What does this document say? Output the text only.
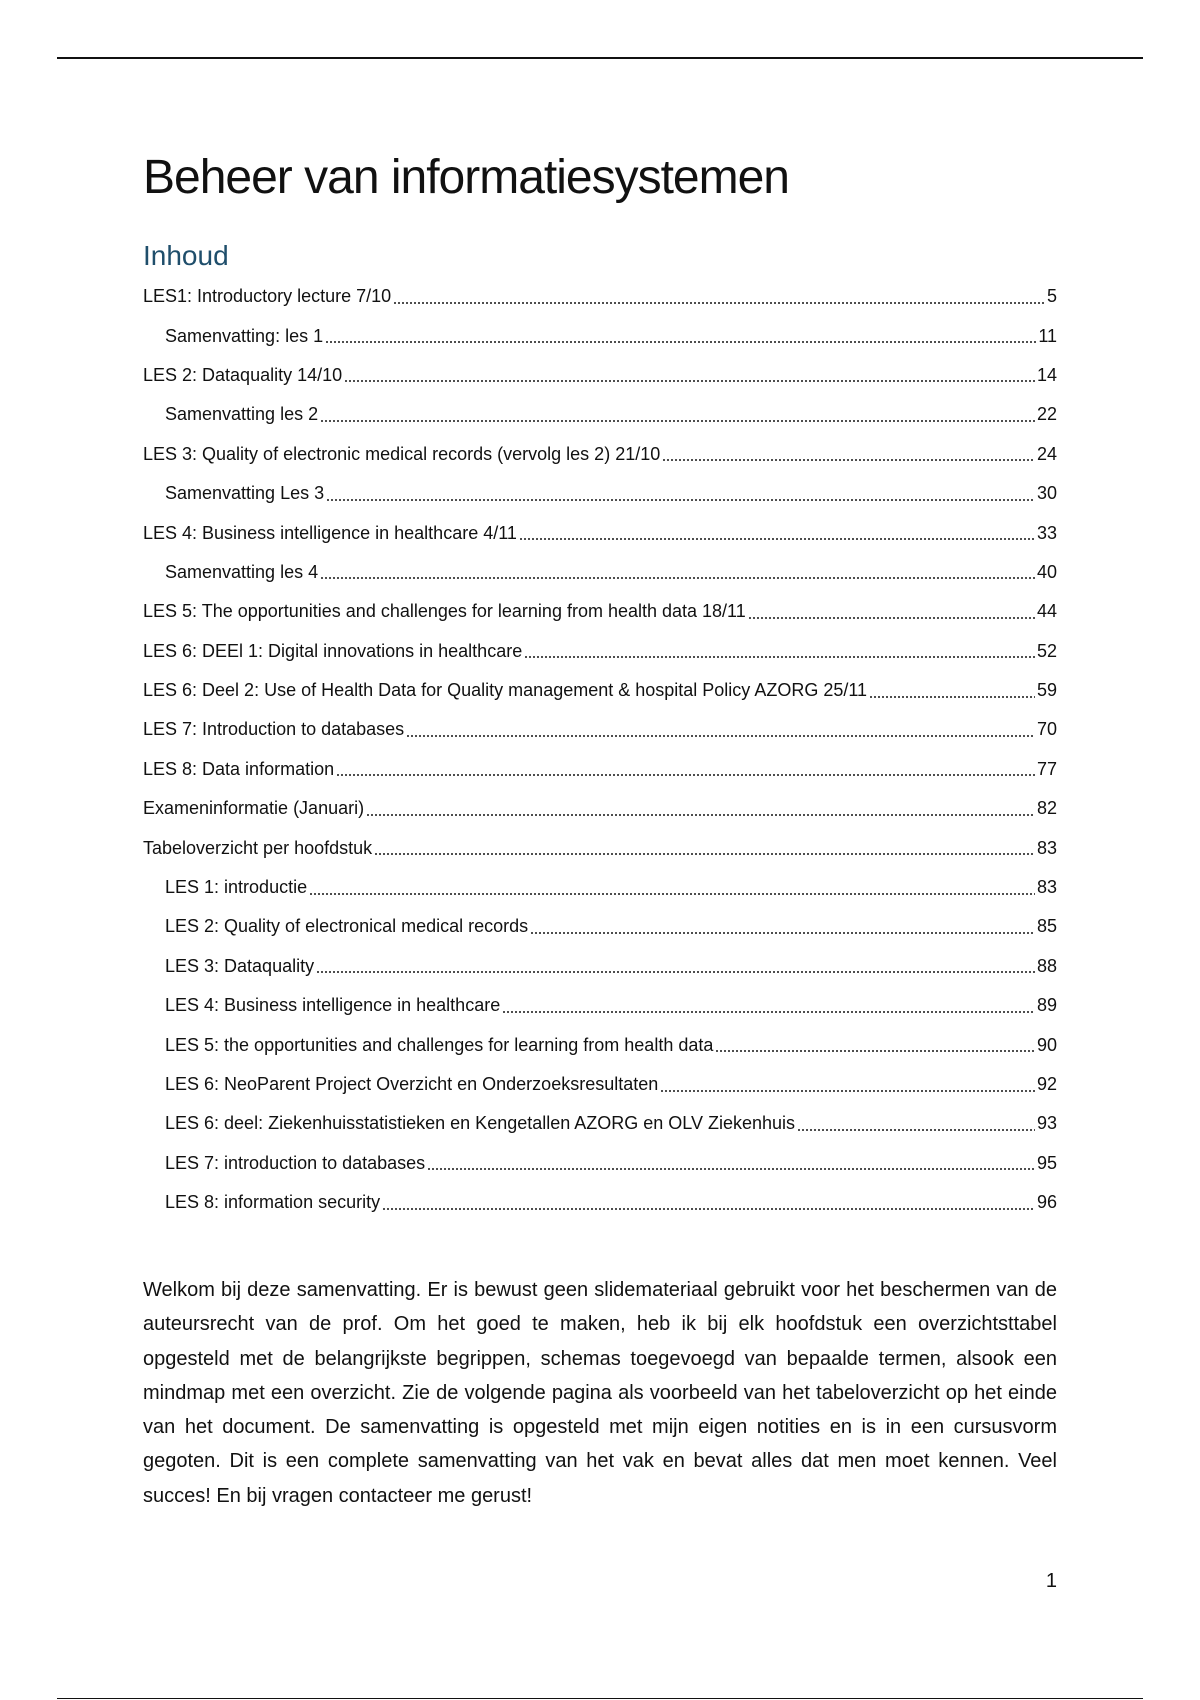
Beheer van informatiesystemen
Inhoud
LES1: Introductory lecture 7/10	5
Samenvatting: les 1	11
LES 2: Dataquality 14/10	14
Samenvatting les 2	22
LES 3: Quality of electronic medical records (vervolg les 2) 21/10	24
Samenvatting Les 3	30
LES 4: Business intelligence in healthcare 4/11	33
Samenvatting les 4	40
LES 5: The opportunities and challenges for learning from health data 18/11	44
LES 6: DEEl 1: Digital innovations in healthcare	52
LES 6: Deel 2: Use of Health Data for Quality management & hospital Policy AZORG 25/11	59
LES 7: Introduction to databases	70
LES 8: Data information	77
Exameninformatie (Januari)	82
Tabeloverzicht per hoofdstuk	83
LES 1: introductie	83
LES 2: Quality of electronical medical records	85
LES 3: Dataquality	88
LES 4: Business intelligence in healthcare	89
LES 5: the opportunities and challenges for learning from health data	90
LES 6: NeoParent Project Overzicht en Onderzoeksresultaten	92
LES 6: deel: Ziekenhuisstatistieken en Kengetallen AZORG en OLV Ziekenhuis	93
LES 7: introduction to databases	95
LES 8: information security	96

Welkom bij deze samenvatting. Er is bewust geen slidemateriaal gebruikt voor het beschermen van de auteursrecht van de prof. Om het goed te maken, heb ik bij elk hoofdstuk een overzichtsttabel opgesteld met de belangrijkste begrippen, schemas toegevoegd van bepaalde termen, alsook een mindmap met een overzicht. Zie de volgende pagina als voorbeeld van het tabeloverzicht op het einde van het document. De samenvatting is opgesteld met mijn eigen notities en is in een cursusvorm gegoten. Dit is een complete samenvatting van het vak en bevat alles dat men moet kennen. Veel succes! En bij vragen contacteer me gerust!

1
